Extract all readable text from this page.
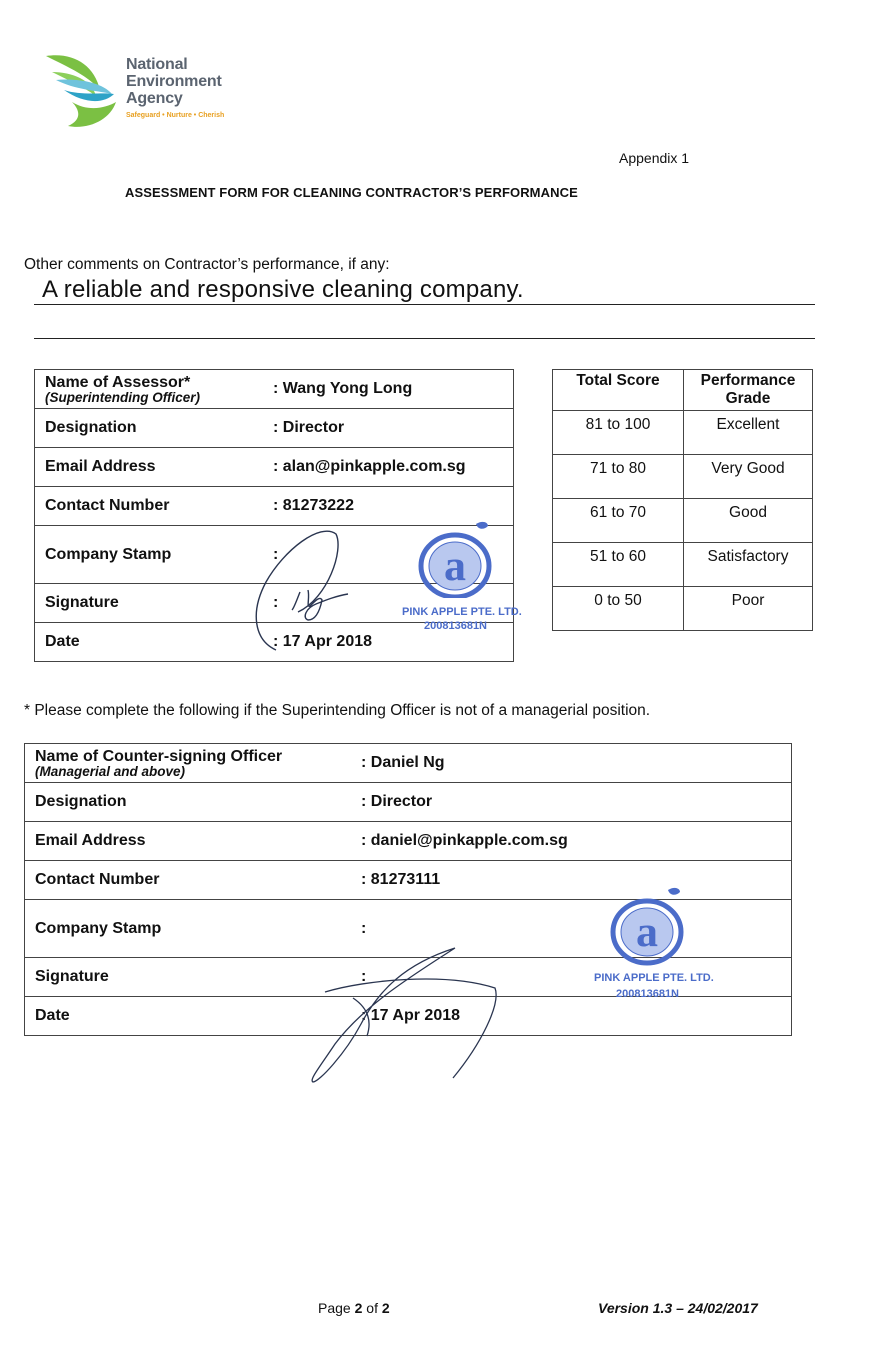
National
Environment
Agency
Safeguard • Nurture • Cherish
Appendix 1
ASSESSMENT FORM FOR CLEANING CONTRACTOR’S PERFORMANCE
Other comments on Contractor’s performance, if any:
A reliable and responsive cleaning company.
Name of Assessor*
(Superintending Officer)	: Wang Yong Long
Designation	: Director
Email Address	: alan@pinkapple.com.sg
Contact Number	: 81273222
Company Stamp	:
Signature	:
Date	: 17 Apr 2018
Total Score	Performance Grade
81 to 100	Excellent
71 to 80	Very Good
61 to 70	Good
51 to 60	Satisfactory
0 to 50	Poor
a
PINK APPLE PTE. LTD.
200813681N
* Please complete the following if the Superintending Officer is not of a managerial position.
Name of Counter-signing Officer
(Managerial and above)	: Daniel Ng
Designation	: Director
Email Address	: daniel@pinkapple.com.sg
Contact Number	: 81273111
Company Stamp	:
Signature	:
Date	: 17 Apr 2018
a
PINK APPLE PTE. LTD.
200813681N
Page 2 of 2	Version 1.3 – 24/02/2017
